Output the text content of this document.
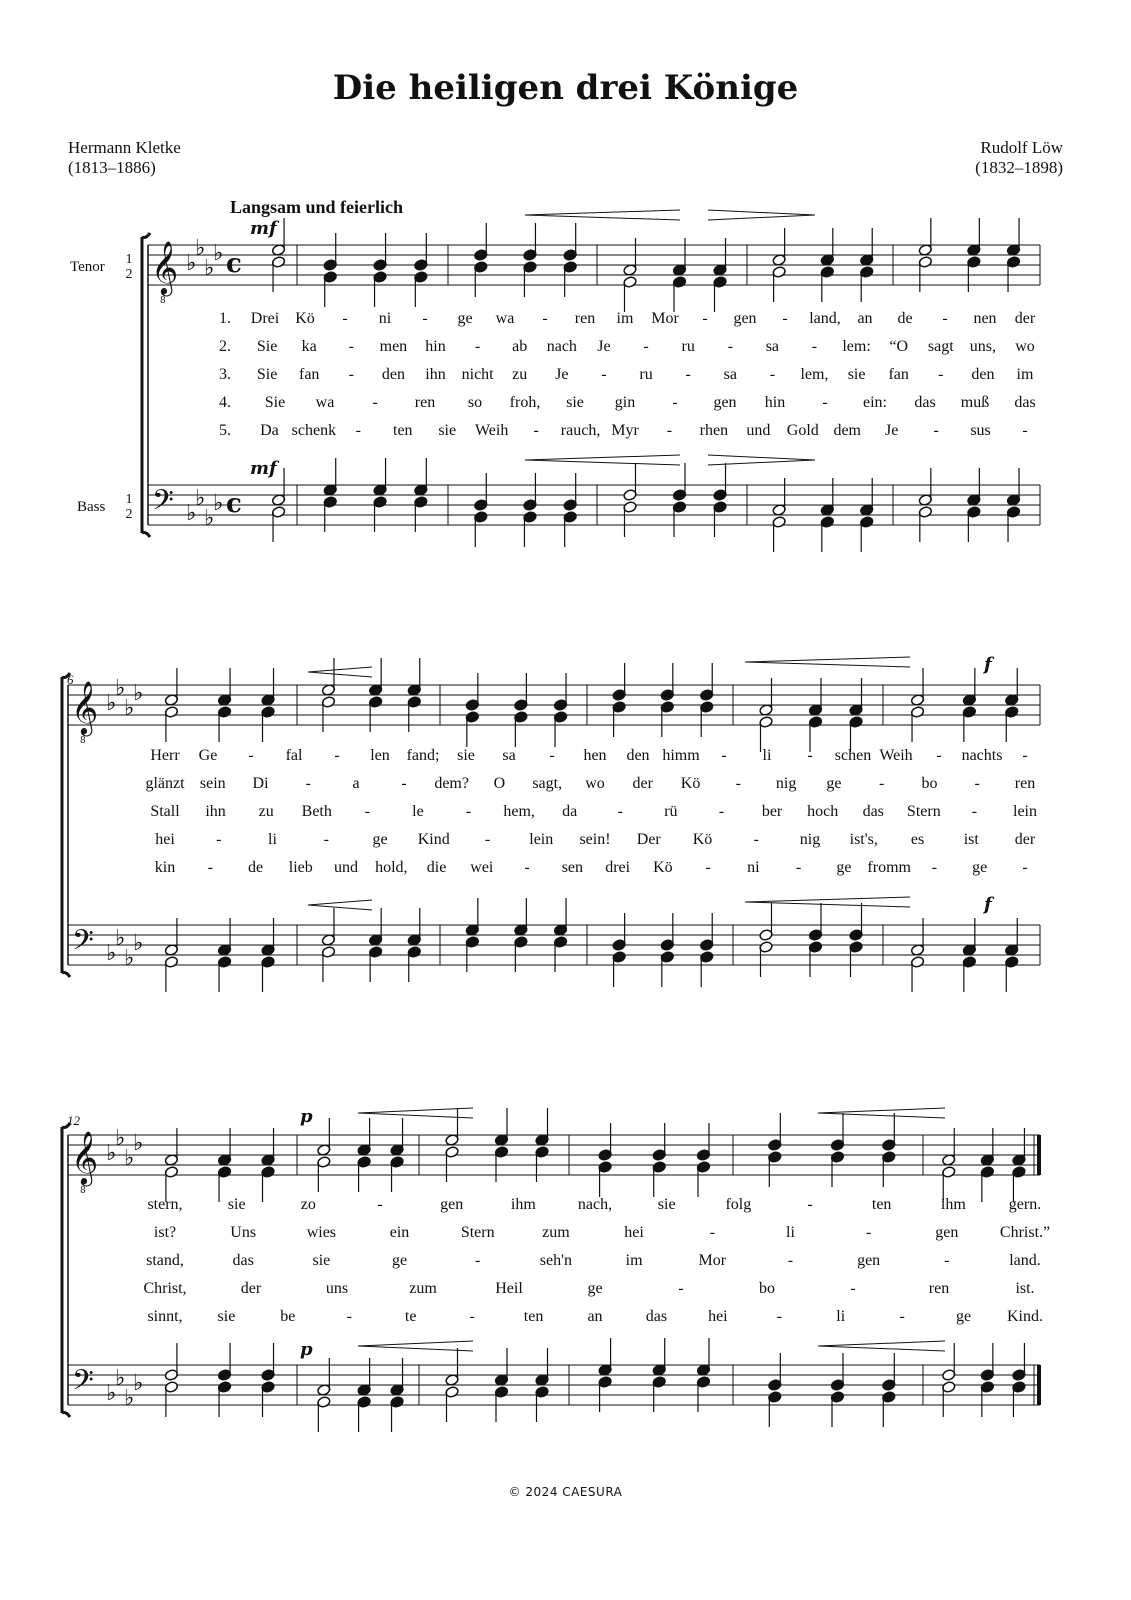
Die heiligen drei Könige
Hermann Kletke
(1813–1886)
Rudolf Löw
(1832–1898)
Langsam und feierlich
Tenor	1
2
Bass	1
2
6
12
mf
mf
f
f
p
p
𝄞
8
𝄢
♭
♭
♭
♭
♭
♭
♭
♭
c
c
𝄞
8
𝄢
♭
♭
♭
♭
♭
♭
♭
♭
𝄞
8
𝄢
♭
♭
♭
♭
♭
♭
♭
♭
1. Drei Kö - ni - ge wa - ren im Mor - gen - land, an de - nen der
2. Sie ka - men hin - ab nach Je - ru - sa - lem: “O sagt uns, wo
3. Sie fan - den ihn nicht zu Je - ru - sa - lem, sie fan - den im
4. Sie wa - ren so froh, sie gin - gen hin - ein: das muß das
5. Da schenk - ten sie Weih - rauch, Myr - rhen und Gold dem Je - sus -
Herr Ge - fal - len fand; sie sa - hen den himm - li - schen Weih - nachts -
glänzt sein Di -	a	- dem? O sagt, wo der Kö - nig ge - bo - ren
Stall ihn zu Beth -	le	- hem, da	-	rü	- ber hoch das Stern - lein
hei	-	li	-	ge Kind - lein sein! Der Kö	-	nig ist's, es ist der
kin - de lieb und hold, die wei - sen drei Kö - ni - ge fromm - ge -
stern,	sie	zo	-	gen	ihm	nach,	sie	folg	-	ten	ihm	gern.
ist?	Uns	wies	ein	Stern	zum	hei	-	li	-	gen	Christ.”
stand,	das	sie	ge	-	seh'n	im	Mor	-	gen	-	land.
Christ,	der	uns	zum	Heil	ge	-	bo	-	ren	ist.
sinnt, sie	be	-	te	-	ten	an	das	hei	-	li	-	ge Kind.
© 2024 CAESURA
